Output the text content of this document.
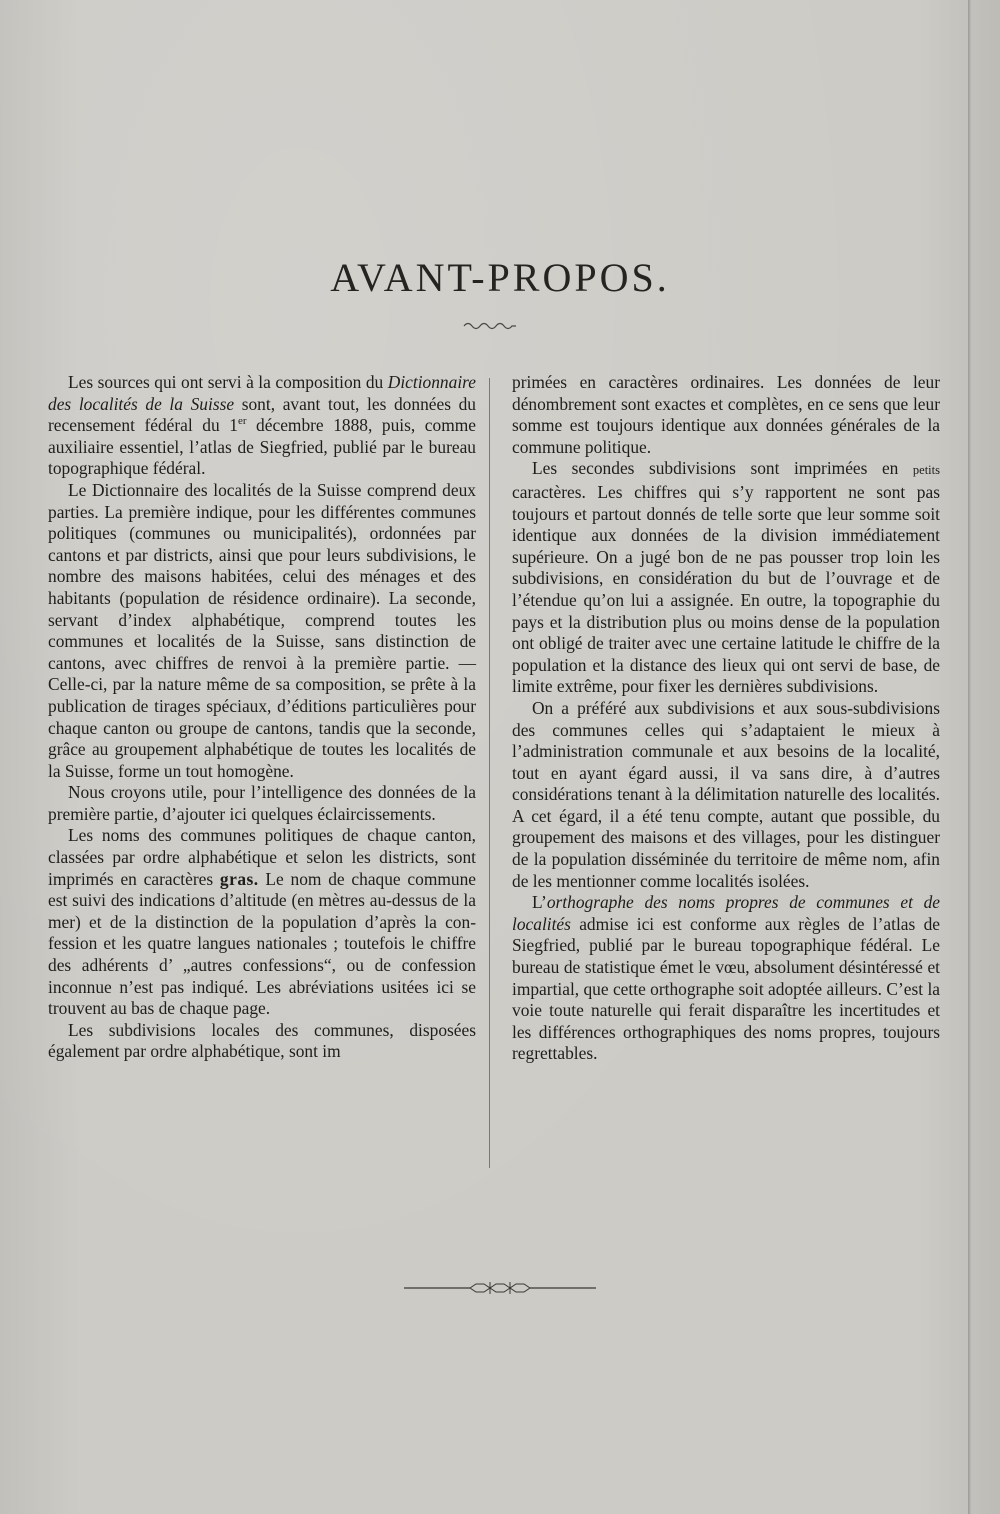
AVANT-PROPOS.

Les sources qui ont servi à la composition du Dictionnaire des localités de la Suisse sont, avant tout, les données du recensement fédéral du 1er décembre 1888, puis, comme auxiliaire essentiel, l’atlas de Siegfried, publié par le bureau topographique fédéral.

Le Dictionnaire des localités de la Suisse comprend deux parties. La première indique, pour les différentes communes politiques (communes ou municipalités), ordonnées par cantons et par districts, ainsi que pour leurs subdivisions, le nombre des maisons habitées, celui des ménages et des habitants (population de résidence ordinaire). La seconde, servant d’index alphabétique, comprend toutes les communes et localités de la Suisse, sans distinction de cantons, avec chiffres de renvoi à la première partie. — Celle-ci, par la nature même de sa composition, se prête à la publication de tirages spéciaux, d’éditions particulières pour chaque canton ou groupe de cantons, tandis que la seconde, grâce au groupement alphabétique de toutes les localités de la Suisse, forme un tout homogène.

Nous croyons utile, pour l’intelligence des données de la première partie, d’ajouter ici quelques éclaircissements.

Les noms des communes politiques de chaque canton, classées par ordre alphabétique et selon les districts, sont imprimés en caractères gras. Le nom de chaque commune est suivi des indications d’altitude (en mètres au-dessus de la mer) et de la distinction de la population d’après la confession et les quatre langues nationales ; toutefois le chiffre des adhérents d’ „autres confessions“, ou de confession inconnue n’est pas indiqué. Les abréviations usitées ici se trouvent au bas de chaque page.

Les subdivisions locales des communes, disposées également par ordre alphabétique, sont im

primées en caractères ordinaires. Les données de leur dénombrement sont exactes et complètes, en ce sens que leur somme est toujours identique aux données générales de la commune politique.

Les secondes subdivisions sont imprimées en petits caractères. Les chiffres qui s’y rapportent ne sont pas toujours et partout donnés de telle sorte que leur somme soit identique aux données de la division immédiatement supérieure. On a jugé bon de ne pas pousser trop loin les subdivisions, en considération du but de l’ouvrage et de l’étendue qu’on lui a assignée. En outre, la topographie du pays et la distribution plus ou moins dense de la population ont obligé de traiter avec une certaine latitude le chiffre de la population et la distance des lieux qui ont servi de base, de limite extrême, pour fixer les dernières subdivisions.

On a préféré aux subdivisions et aux sous-subdivisions des communes celles qui s’adaptaient le mieux à l’administration communale et aux besoins de la localité, tout en ayant égard aussi, il va sans dire, à d’autres considérations tenant à la délimitation naturelle des localités. A cet égard, il a été tenu compte, autant que possible, du groupement des maisons et des villages, pour les distinguer de la population disséminée du territoire de même nom, afin de les mentionner comme localités isolées.

L’orthographe des noms propres de communes et de localités admise ici est conforme aux règles de l’atlas de Siegfried, publié par le bureau topographique fédéral. Le bureau de statistique émet le vœu, absolument désintéressé et impartial, que cette orthographe soit adoptée ailleurs. C’est la voie toute naturelle qui ferait disparaître les incertitudes et les différences orthographiques des noms propres, toujours regrettables.
